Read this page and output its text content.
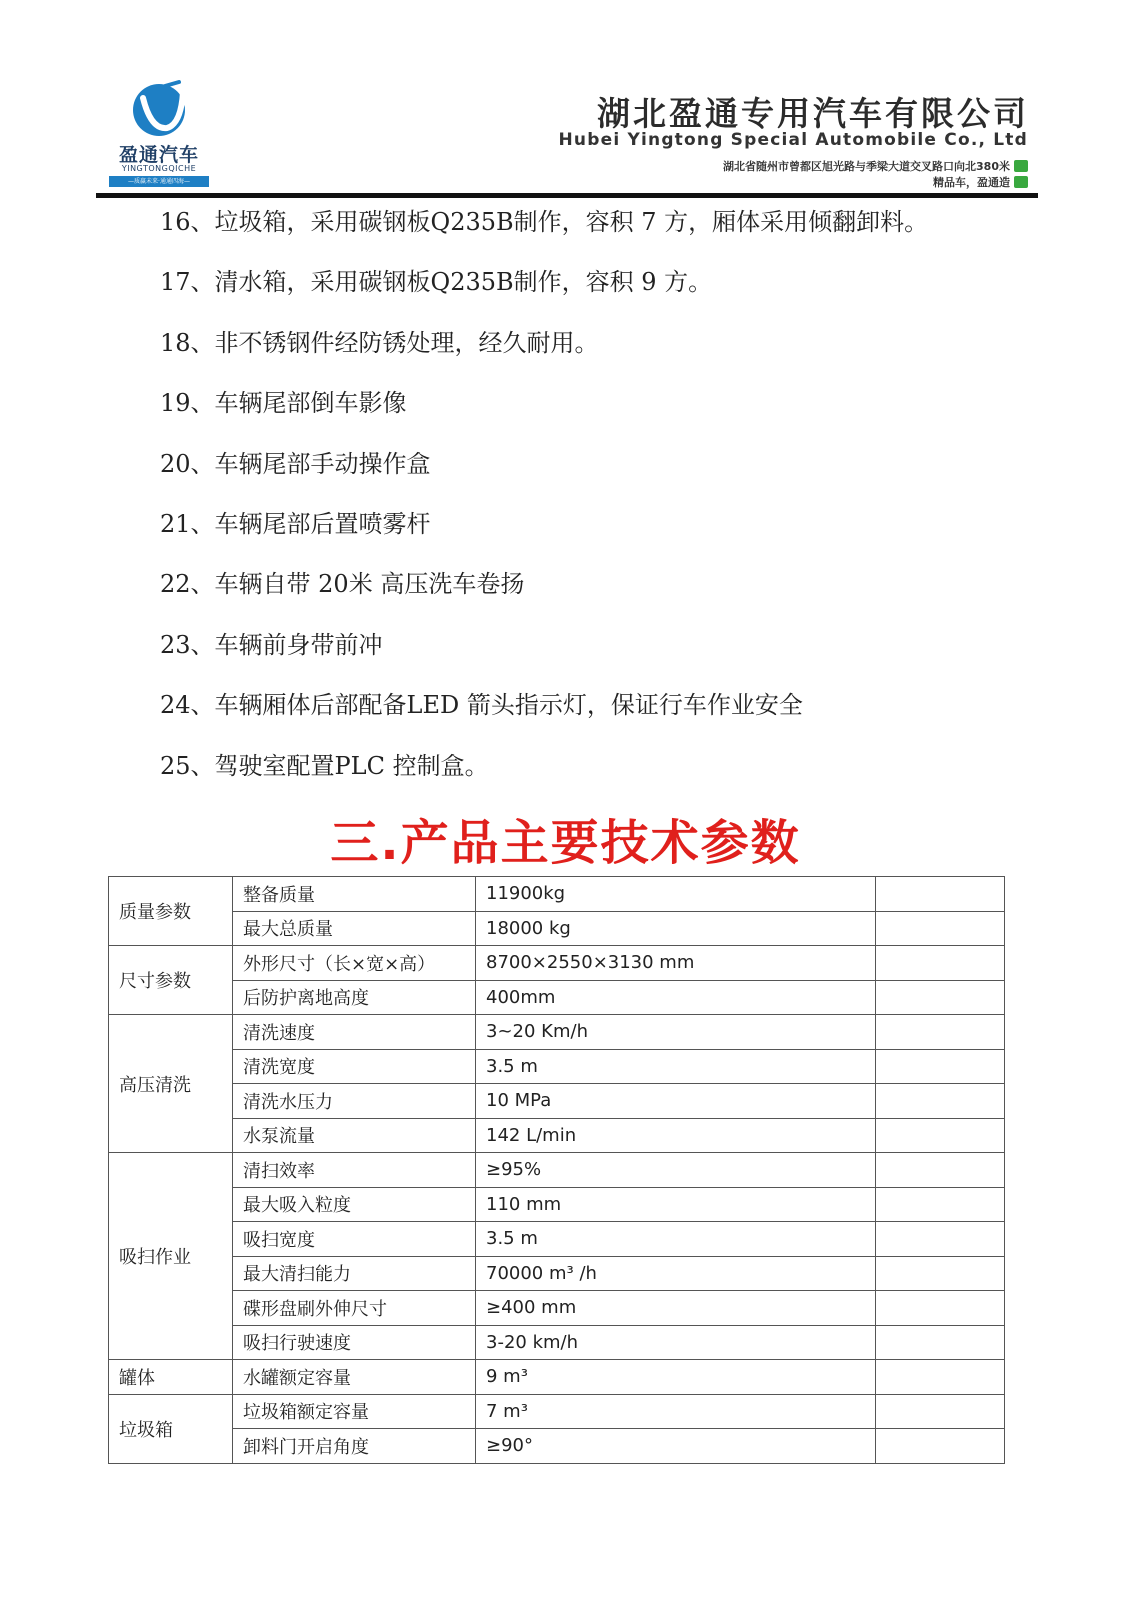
盈通汽车
YINGTONGQICHE
—质赢未来·通通四海—
湖北盈通专用汽车有限公司
Hubei Yingtong Special Automobile Co., Ltd
湖北省随州市曾都区旭光路与季梁大道交叉路口向北380米
精品车，盈通造
16、垃圾箱，采用碳钢板Q235B制作，容积 7 方，厢体采用倾翻卸料。
17、清水箱，采用碳钢板Q235B制作，容积 9 方。
18、非不锈钢件经防锈处理，经久耐用。
19、车辆尾部倒车影像
20、车辆尾部手动操作盒
21、车辆尾部后置喷雾杆
22、车辆自带 20米 高压洗车卷扬
23、车辆前身带前冲
24、车辆厢体后部配备LED 箭头指示灯，保证行车作业安全
25、驾驶室配置PLC 控制盒。
三.产品主要技术参数
质量参数	整备质量	11900kg	
	最大总质量	18000 kg	
尺寸参数	外形尺寸（长×宽×高）	8700×2550×3130 mm	
	后防护离地高度	400mm	
高压清洗	清洗速度	3~20 Km/h	
	清洗宽度	3.5 m	
	清洗水压力	10 MPa	
	水泵流量	142 L/min	
吸扫作业	清扫效率	≥95%	
	最大吸入粒度	110 mm	
	吸扫宽度	3.5 m	
	最大清扫能力	70000 m³ /h	
	碟形盘刷外伸尺寸	≥400 mm	
	吸扫行驶速度	3-20 km/h	
罐体	水罐额定容量	9 m³	
垃圾箱	垃圾箱额定容量	7 m³	
	卸料门开启角度	≥90°	
